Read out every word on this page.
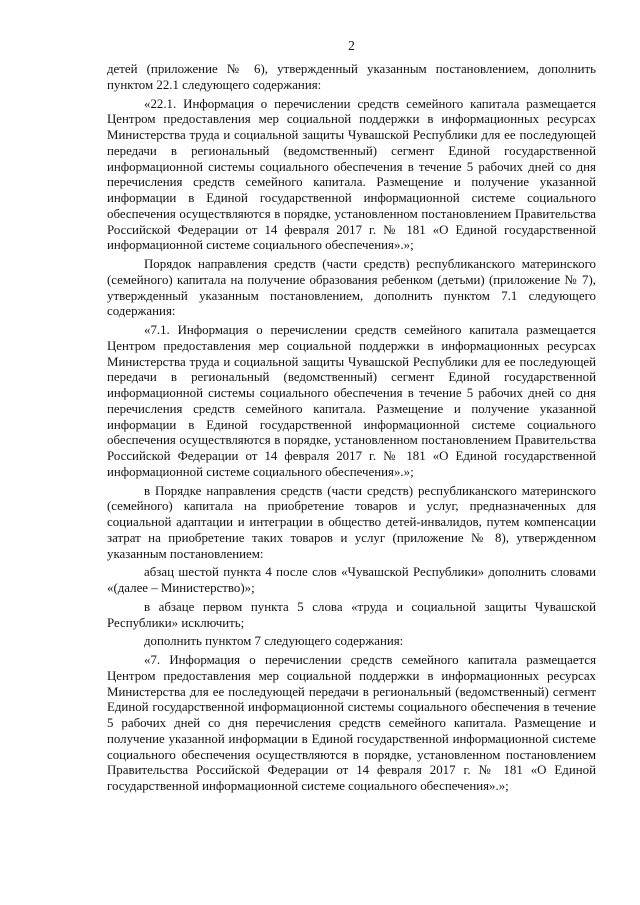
2

детей (приложение № 6), утвержденный указанным постановлением, дополнить пунктом 22.1 следующего содержания:

«22.1. Информация о перечислении средств семейного капитала размещается Центром предоставления мер социальной поддержки в информационных ресурсах Министерства труда и социальной защиты Чувашской Республики для ее последующей передачи в региональный (ведомственный) сегмент Единой государственной информационной системы социального обеспечения в течение 5 рабочих дней со дня перечисления средств семейного капитала. Размещение и получение указанной информации в Единой государственной информационной системе социального обеспечения осуществляются в порядке, установленном постановлением Правительства Российской Федерации от 14 февраля 2017 г. № 181 «О Единой государственной информационной системе социального обеспечения».»;

Порядок направления средств (части средств) республиканского материнского (семейного) капитала на получение образования ребенком (детьми) (приложение № 7), утвержденный указанным постановлением, дополнить пунктом 7.1 следующего содержания:

«7.1. Информация о перечислении средств семейного капитала размещается Центром предоставления мер социальной поддержки в информационных ресурсах Министерства труда и социальной защиты Чувашской Республики для ее последующей передачи в региональный (ведомственный) сегмент Единой государственной информационной системы социального обеспечения в течение 5 рабочих дней со дня перечисления средств семейного капитала. Размещение и получение указанной информации в Единой государственной информационной системе социального обеспечения осуществляются в порядке, установленном постановлением Правительства Российской Федерации от 14 февраля 2017 г. № 181 «О Единой государственной информационной системе социального обеспечения».»;

в Порядке направления средств (части средств) республиканского материнского (семейного) капитала на приобретение товаров и услуг, предназначенных для социальной адаптации и интеграции в общество детей-инвалидов, путем компенсации затрат на приобретение таких товаров и услуг (приложение № 8), утвержденном указанным постановлением:

абзац шестой пункта 4 после слов «Чувашской Республики» дополнить словами «(далее – Министерство)»;

в абзаце первом пункта 5 слова «труда и социальной защиты Чувашской Республики» исключить;

дополнить пунктом 7 следующего содержания:

«7. Информация о перечислении средств семейного капитала размещается Центром предоставления мер социальной поддержки в информационных ресурсах Министерства для ее последующей передачи в региональный (ведомственный) сегмент Единой государственной информационной системы социального обеспечения в течение 5 рабочих дней со дня перечисления средств семейного капитала. Размещение и получение указанной информации в Единой государственной информационной системе социального обеспечения осуществляются в порядке, установленном постановлением Правительства Российской Федерации от 14 февраля 2017 г. № 181 «О Единой государственной информационной системе социального обеспечения».»;
